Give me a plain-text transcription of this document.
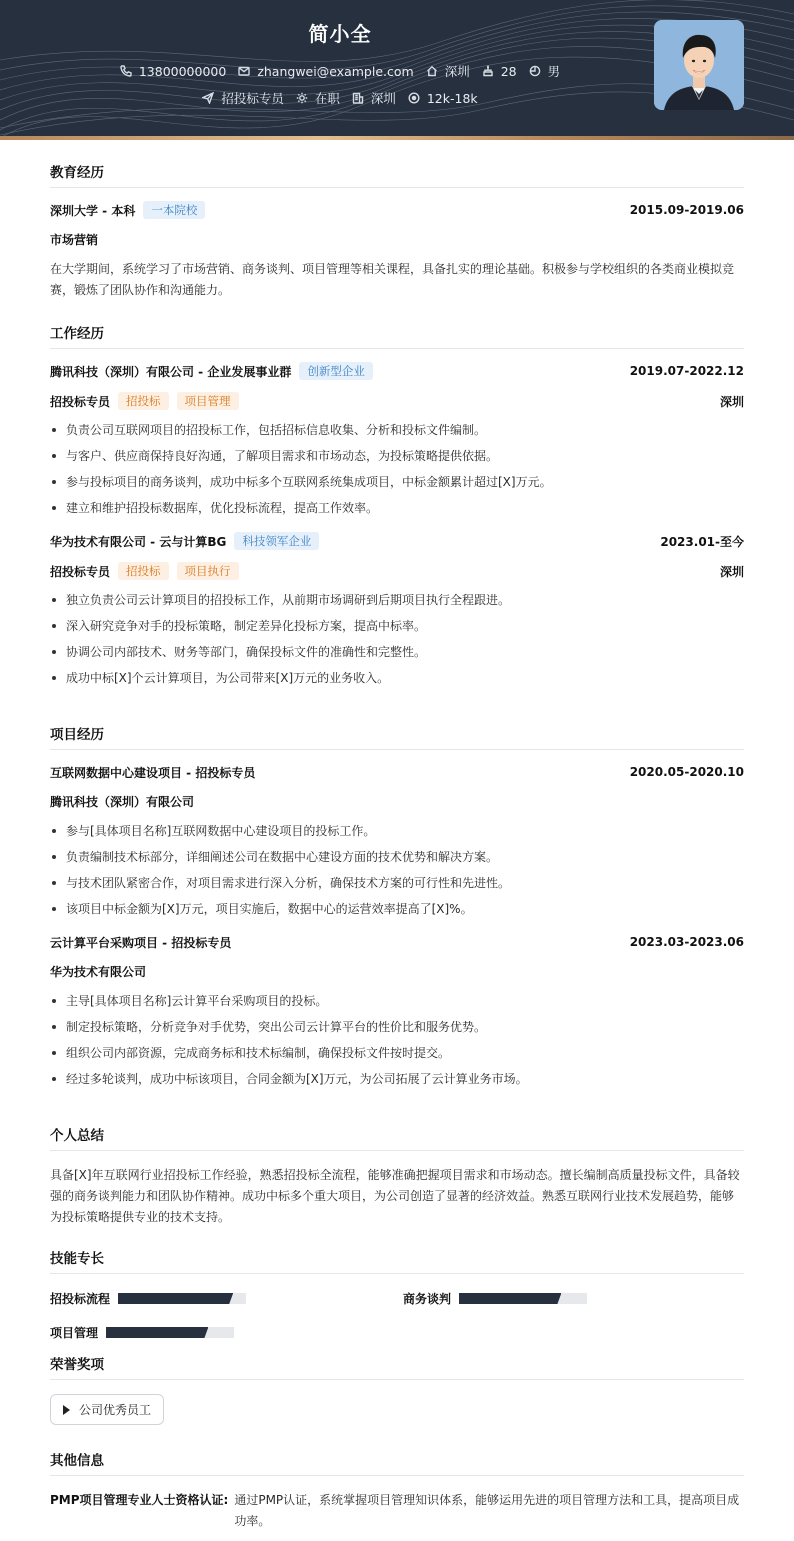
简小全
13800000000 zhangwei@example.com 深圳 28 男
招投标专员 在职 深圳 12k-18k
教育经历
深圳大学 - 本科	一本院校	2015.09-2019.06
市场营销
在大学期间，系统学习了市场营销、商务谈判、项目管理等相关课程，具备扎实的理论基础。积极参与学校组织的各类商业模拟竞赛，锻炼了团队协作和沟通能力。
工作经历
腾讯科技（深圳）有限公司 - 企业发展事业群	创新型企业	2019.07-2022.12
招投标专员	招投标	项目管理	深圳
负责公司互联网项目的招投标工作，包括招标信息收集、分析和投标文件编制。
与客户、供应商保持良好沟通，了解项目需求和市场动态，为投标策略提供依据。
参与投标项目的商务谈判，成功中标多个互联网系统集成项目，中标金额累计超过[X]万元。
建立和维护招投标数据库，优化投标流程，提高工作效率。
华为技术有限公司 - 云与计算BG	科技领军企业	2023.01-至今
招投标专员	招投标	项目执行	深圳
独立负责公司云计算项目的招投标工作，从前期市场调研到后期项目执行全程跟进。
深入研究竞争对手的投标策略，制定差异化投标方案，提高中标率。
协调公司内部技术、财务等部门，确保投标文件的准确性和完整性。
成功中标[X]个云计算项目，为公司带来[X]万元的业务收入。
项目经历
互联网数据中心建设项目 - 招投标专员	2020.05-2020.10
腾讯科技（深圳）有限公司
参与[具体项目名称]互联网数据中心建设项目的投标工作。
负责编制技术标部分，详细阐述公司在数据中心建设方面的技术优势和解决方案。
与技术团队紧密合作，对项目需求进行深入分析，确保技术方案的可行性和先进性。
该项目中标金额为[X]万元，项目实施后，数据中心的运营效率提高了[X]%。
云计算平台采购项目 - 招投标专员	2023.03-2023.06
华为技术有限公司
主导[具体项目名称]云计算平台采购项目的投标。
制定投标策略，分析竞争对手优势，突出公司云计算平台的性价比和服务优势。
组织公司内部资源，完成商务标和技术标编制，确保投标文件按时提交。
经过多轮谈判，成功中标该项目，合同金额为[X]万元，为公司拓展了云计算业务市场。
个人总结
具备[X]年互联网行业招投标工作经验，熟悉招投标全流程，能够准确把握项目需求和市场动态。擅长编制高质量投标文件，具备较强的商务谈判能力和团队协作精神。成功中标多个重大项目，为公司创造了显著的经济效益。熟悉互联网行业技术发展趋势，能够为投标策略提供专业的技术支持。
技能专长
招投标流程	商务谈判
项目管理
荣誉奖项
公司优秀员工
其他信息
PMP项目管理专业人士资格认证: 通过PMP认证，系统掌握项目管理知识体系，能够运用先进的项目管理方法和工具，提高项目成功率。
